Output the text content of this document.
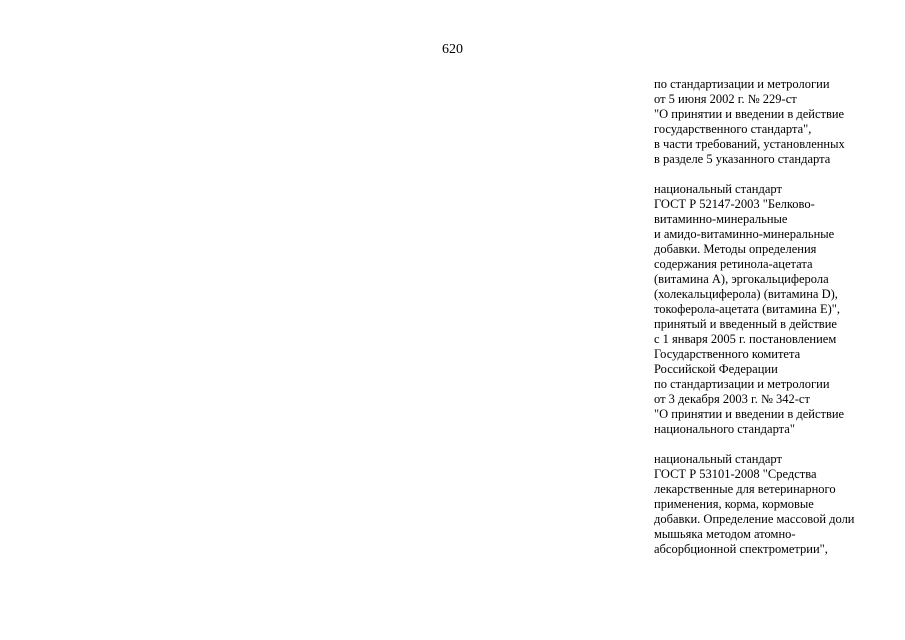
620
по стандартизации и метрологии
от 5 июня 2002 г. № 229-ст
"О принятии и введении в действие
государственного стандарта",
в части требований, установленных
в разделе 5 указанного стандарта
национальный стандарт
ГОСТ Р 52147-2003 "Белково-
витаминно-минеральные
и амидо-витаминно-минеральные
добавки. Методы определения
содержания ретинола-ацетата
(витамина А), эргокальциферола
(холекальциферола) (витамина D),
токоферола-ацетата (витамина Е)",
принятый и введенный в действие
с 1 января 2005 г. постановлением
Государственного комитета
Российской Федерации
по стандартизации и метрологии
от 3 декабря 2003 г. № 342-ст
"О принятии и введении в действие
национального стандарта"
национальный стандарт
ГОСТ Р 53101-2008 "Средства
лекарственные для ветеринарного
применения, корма, кормовые
добавки. Определение массовой доли
мышьяка методом атомно-
абсорбционной спектрометрии",
